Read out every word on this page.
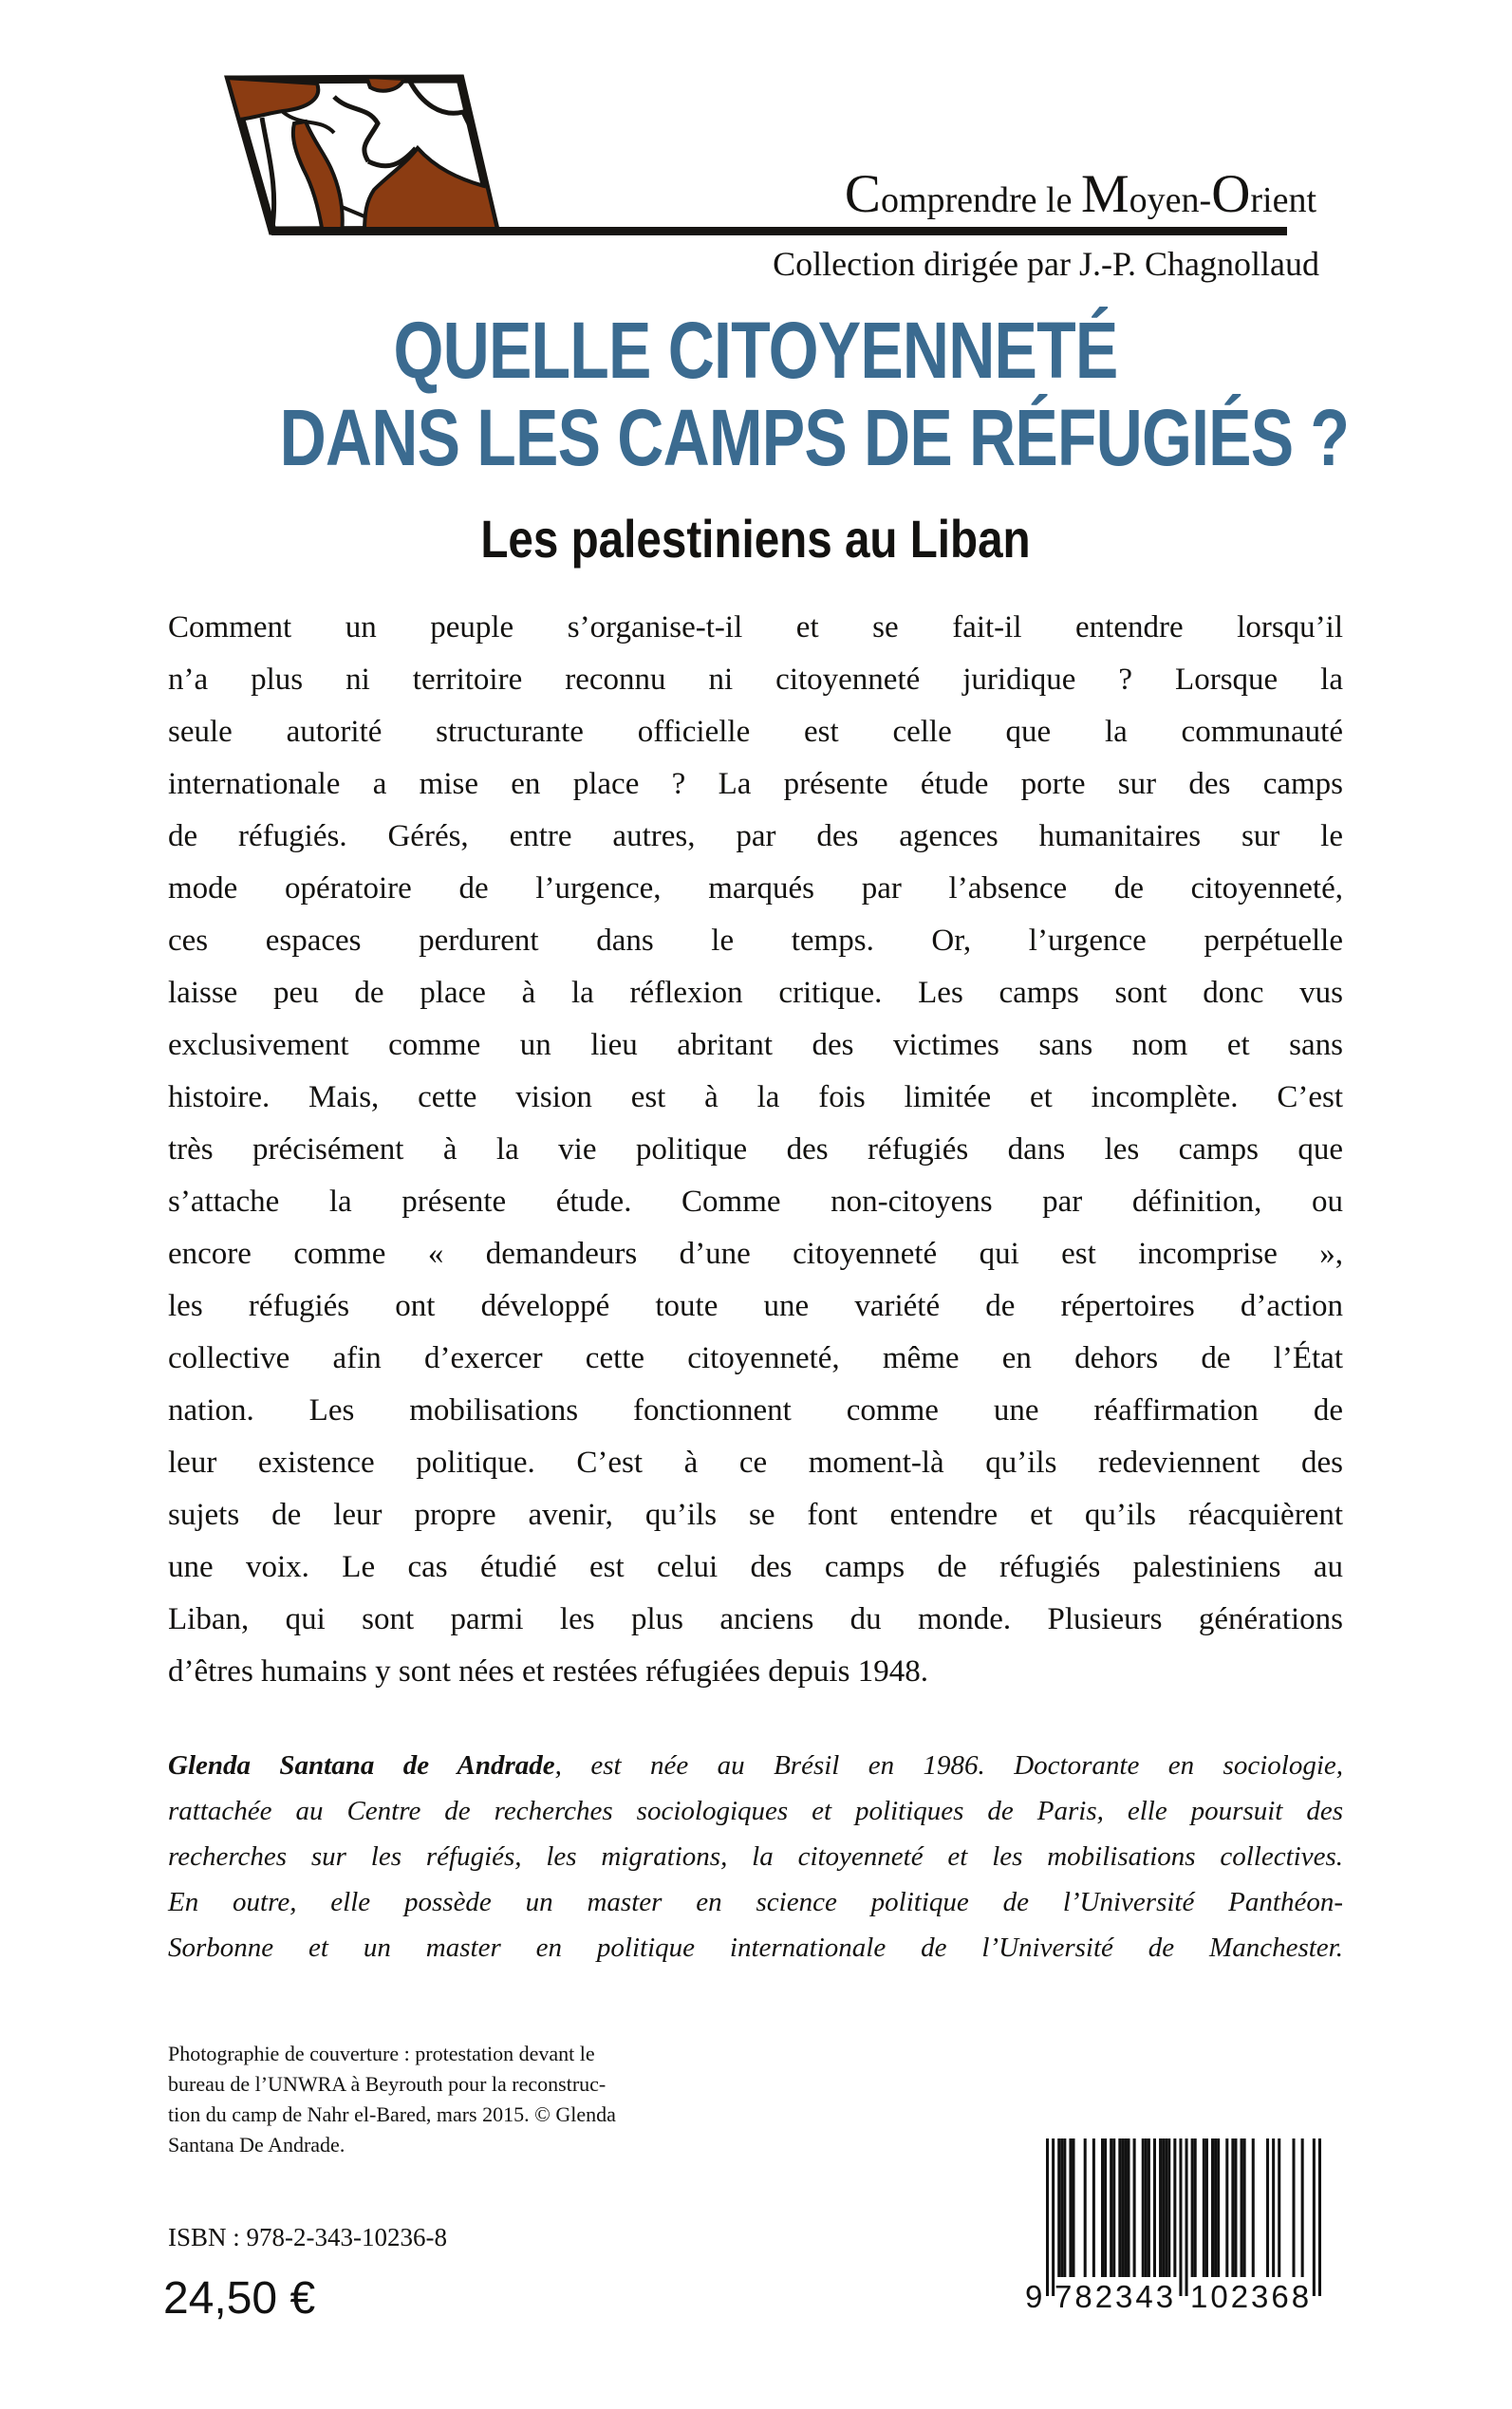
Comprendre le Moyen-Orient
Collection dirigée par J.-P. Chagnollaud
QUELLE CITOYENNETÉ
DANS LES CAMPS DE RÉFUGIÉS ?
Les palestiniens au Liban
Comment un peuple s’organise-t-il et se fait-il entendre lorsqu’il
n’a plus ni territoire reconnu ni citoyenneté juridique ? Lorsque la
seule autorité structurante officielle est celle que la communauté
internationale a mise en place ? La présente étude porte sur des camps
de réfugiés. Gérés, entre autres, par des agences humanitaires sur le
mode opératoire de l’urgence, marqués par l’absence de citoyenneté,
ces espaces perdurent dans le temps. Or, l’urgence perpétuelle
laisse peu de place à la réflexion critique. Les camps sont donc vus
exclusivement comme un lieu abritant des victimes sans nom et sans
histoire. Mais, cette vision est à la fois limitée et incomplète. C’est
très précisément à la vie politique des réfugiés dans les camps que
s’attache la présente étude. Comme non-citoyens par définition, ou
encore comme « demandeurs d’une citoyenneté qui est incomprise »,
les réfugiés ont développé toute une variété de répertoires d’action
collective afin d’exercer cette citoyenneté, même en dehors de l’État
nation. Les mobilisations fonctionnent comme une réaffirmation de
leur existence politique. C’est à ce moment-là qu’ils redeviennent des
sujets de leur propre avenir, qu’ils se font entendre et qu’ils réacquièrent
une voix. Le cas étudié est celui des camps de réfugiés palestiniens au
Liban, qui sont parmi les plus anciens du monde. Plusieurs générations
d’êtres humains y sont nées et restées réfugiées depuis 1948.
Glenda Santana de Andrade, est née au Brésil en 1986. Doctorante en sociologie,
rattachée au Centre de recherches sociologiques et politiques de Paris, elle poursuit des
recherches sur les réfugiés, les migrations, la citoyenneté et les mobilisations collectives.
En outre, elle possède un master en science politique de l’Université Panthéon-
Sorbonne et un master en politique internationale de l’Université de Manchester.
Photographie de couverture : protestation devant le
bureau de l’UNWRA à Beyrouth pour la reconstruc-
tion du camp de Nahr el-Bared, mars 2015. © Glenda
Santana De Andrade.
ISBN : 978-2-343-10236-8
24,50 €	9 782343 102368
